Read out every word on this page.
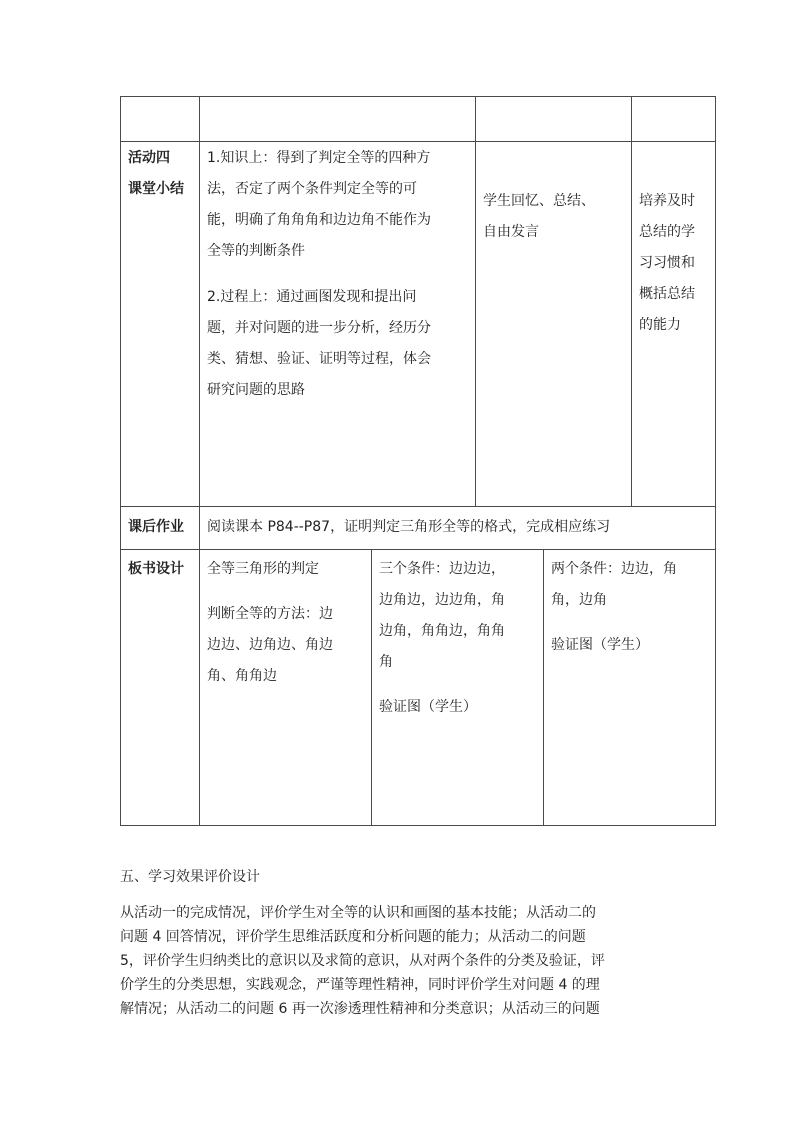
活动四

课堂小结

1.知识上：得到了判定全等的四种方

法，否定了两个条件判定全等的可

能，明确了角角角和边边角不能作为

全等的判断条件

2.过程上：通过画图发现和提出问

题，并对问题的进一步分析，经历分

类、猜想、验证、证明等过程，体会

研究问题的思路

学生回忆、总结、

自由发言

培养及时

总结的学

习习惯和

概括总结

的能力

课后作业 阅读课本 P84--P87，证明判定三角形全等的格式，完成相应练习

板书设计 全等三角形的判定

判断全等的方法：边

边边、边角边、角边

角、角角边

三个条件：边边边，

边角边，边边角，角

边角，角角边，角角

角

验证图（学生）

两个条件：边边，角

角，边角

验证图（学生）

五、学习效果评价设计

从活动一的完成情况，评价学生对全等的认识和画图的基本技能；从活动二的

问题 4 回答情况，评价学生思维活跃度和分析问题的能力；从活动二的问题

5，评价学生归纳类比的意识以及求简的意识，从对两个条件的分类及验证，评

价学生的分类思想，实践观念，严谨等理性精神，同时评价学生对问题 4 的理

解情况；从活动二的问题 6 再一次渗透理性精神和分类意识；从活动三的问题
